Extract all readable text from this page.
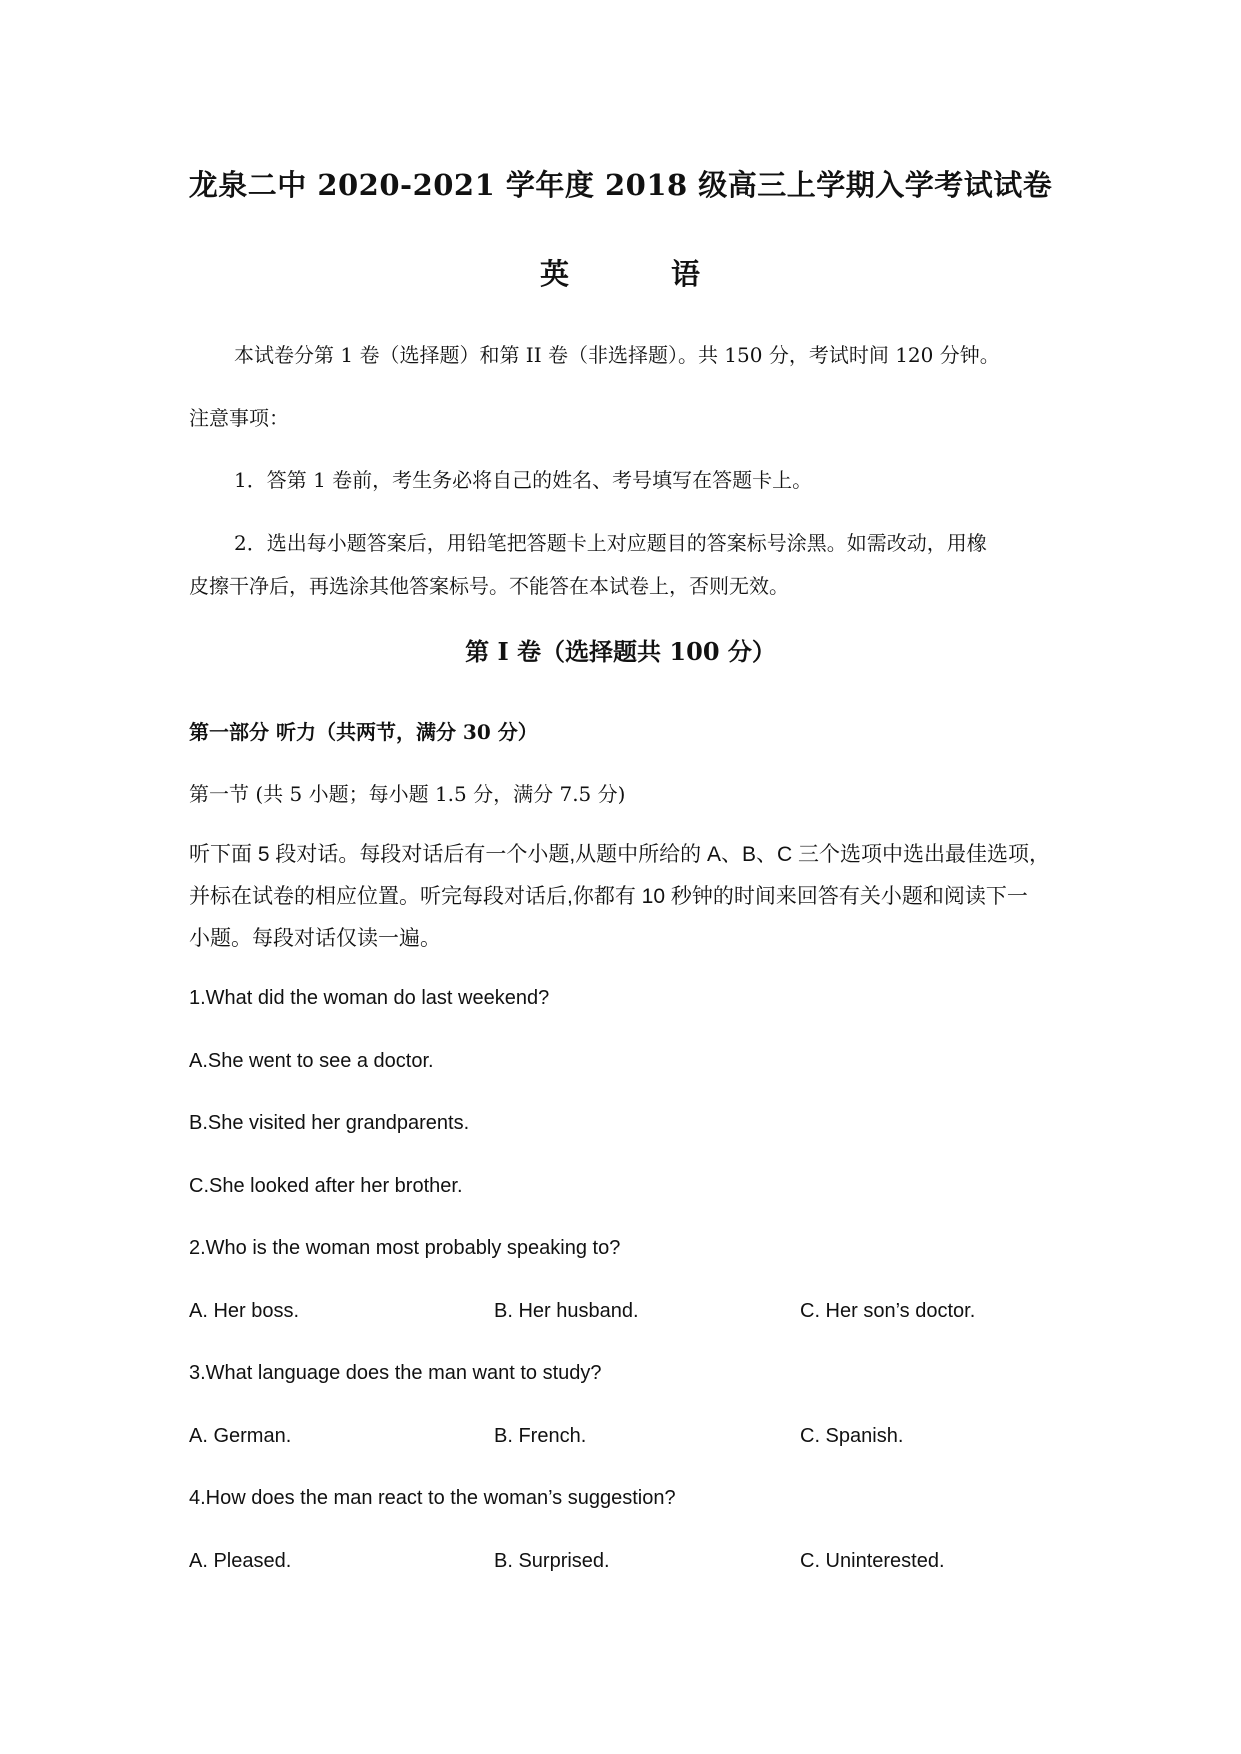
龙泉二中 2020-2021 学年度 2018 级高三上学期入学考试试卷
英	语
本试卷分第 1 卷（选择题）和第 II 卷（非选择题）。共 150 分，考试时间 120 分钟。
注意事项：
1．答第 1 卷前，考生务必将自己的姓名、考号填写在答题卡上。
2．选出每小题答案后，用铅笔把答题卡上对应题目的答案标号涂黑。如需改动，用橡
皮擦干净后，再选涂其他答案标号。不能答在本试卷上，否则无效。
第 I 卷（选择题共 100 分）
第一部分 听力（共两节，满分 30 分）
第一节 (共 5 小题；每小题 1.5 分，满分 7.5 分)
听下面 5 段对话。每段对话后有一个小题,从题中所给的 A、B、C 三个选项中选出最佳选项，
并标在试卷的相应位置。听完每段对话后,你都有 10 秒钟的时间来回答有关小题和阅读下一
小题。每段对话仅读一遍。
1.What did the woman do last weekend?
A.She went to see a doctor.
B.She visited her grandparents.
C.She looked after her brother.
2.Who is the woman most probably speaking to?
A. Her boss.	B. Her husband.	C. Her son’s doctor.
3.What language does the man want to study?
A. German.	B. French.	C. Spanish.
4.How does the man react to the woman’s suggestion?
A. Pleased.	B. Surprised.	C. Uninterested.
